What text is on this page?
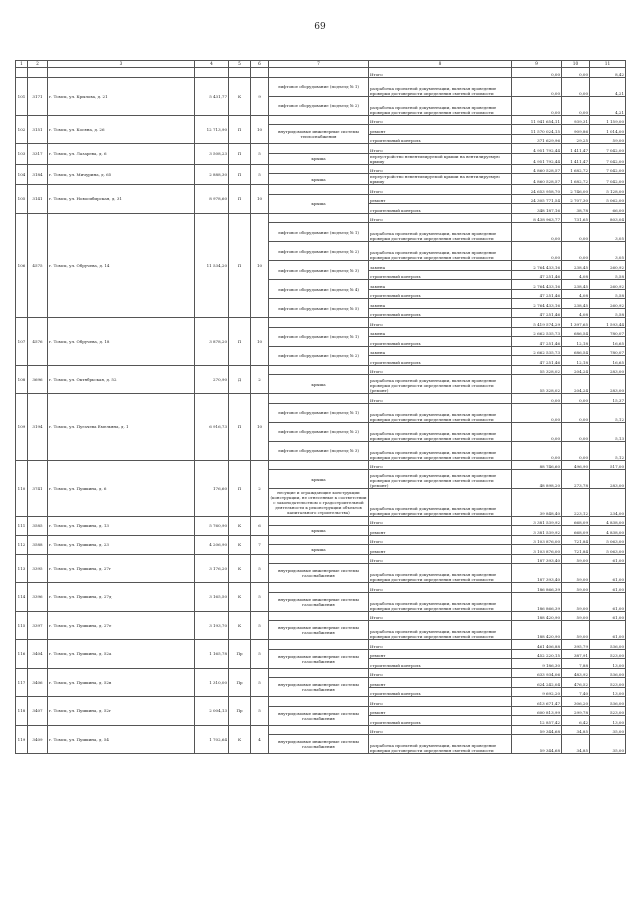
69
1	2	3	4	5	6	7	8	9	10	11
							Итого	0,00	0,00	8,42
101	3171	г. Томск, ул. Крылова, д. 21	5 431,77	К	9	лифтовое оборудование (подъезд № 1)	разработка проектной документации, включая проведение проверки достоверности определения сметной стоимости	0,00	0,00	4,21
						лифтовое оборудование (подъезд № 2)	разработка проектной документации, включая проведение проверки достоверности определения сметной стоимости	0,00	0,00	4,21
102	3151	г. Томск, ул. Косяна, д. 26	12 713,90	П	10		Итого	11 941 654,11	939,31	1 159,00
						внутридомовые инженерные системы теплоснабжения	ремонт	11 570 024,15	909,86	1 014,00
							строительный контроль	371 629,96	29,25	59,00
103	3317	г. Томск, ул. Лазарева, д. 6	3 508,23	П	5		Итого	4 951 792,44	1 411,47	7 042,00
						крыша	переустройство невентилируемой крыши на вентилируемую крышу	4 951 792,44	1 411,47	7 042,00
104	3184	г. Томск, ул. Мичурина, д. 65	2 888,30	П	5		Итого	4 860 528,57	1 682,72	7 042,00
						крыша	переустройство невентилируемой крыши на вентилируемую крышу	4 860 528,57	1 682,72	7 042,00
105	3141	г. Томск, ул. Новосибирская, д. 31	8 978,60	П	10		Итого	24 653 958,70	2 746,00	5 128,00
						крыша	ремонт	24 305 771,54	2 707,30	5 062,00
							строительный контроль	348 187,16	38,78	66,00
106	4575	г. Томск, ул. Обручева, д. 14	11 534,20	П	10		Итого	8 438 963,77	731,65	803,04
						лифтовое оборудование (подъезд № 1)	разработка проектной документации, включая проведение проверки достоверности определения сметной стоимости	0,00	0,00	3,05
						лифтовое оборудование (подъезд № 2)	разработка проектной документации, включая проведение проверки достоверности определения сметной стоимости	0,00	0,00	3,05
						лифтовое оборудование (подъезд № 3)	замена	2 764 433,16	238,45	260,92
							строительный контроль	47 251,46	4,08	5,58
						лифтовое оборудование (подъезд № 4)	замена	2 764 433,16	238,45	260,92
							строительный контроль	47 251,46	4,08	5,58
						лифтовое оборудование (подъезд № 5)	замена	2 764 433,16	238,45	260,92
							строительный контроль	47 251,46	4,08	5,58
107	4576	г. Томск, ул. Обручева, д. 18	3 878,20	П	10		Итого	5 419 574,29	1 397,65	1 593,44
						лифтовое оборудование (подъезд № 1)	замена	2 662 535,73	686,54	780,07
							строительный контроль	47 251,46	12,18	16,65
						лифтовое оборудование (подъезд № 2)	замена	2 662 535,73	686,54	780,07
							строительный контроль	47 251,46	12,18	16,65
108	3696	г. Томск, ул. Октябрьская, д. 52	270,90	Д	2		Итого	55 328,02	204,24	283,00
						крыша	разработка проектной документации, включая проведение проверки достоверности определения сметной стоимости (ремонт)	55 328,02	204,24	283,00
109	3194	г. Томск, ул. Пугачева Емельяна, д. 1	6 916,73	П	10		Итого	0,00	0,00	15,37
						лифтовое оборудование (подъезд № 1)	разработка проектной документации, включая проведение проверки достоверности определения сметной стоимости	0,00	0,00	5,12
						лифтовое оборудование (подъезд № 2)	разработка проектной документации, включая проведение проверки достоверности определения сметной стоимости	0,00	0,00	5,13
						лифтовое оборудование (подъезд № 3)	разработка проектной документации, включая проведение проверки достоверности определения сметной стоимости	0,00	0,00	5,12
110	3741	г. Томск, ул. Пушкина, д. 6	176,60	П	2		Итого	88 746,60	496,90	517,00
						крыша	разработка проектной документации, включая проведение проверки достоверности определения сметной стоимости (ремонт)	48 898,20	273,78	283,00
						несущие и ограждающие конструкции (конструкции, не отнесенные к соответствии с законодательством о градостроительной деятельности к реконструкции объектов капитального строительства)	разработка проектной документации, включая проведение проверки достоверности определения сметной стоимости	39 848,40	223,12	234,00
111	3585	г. Томск, ул. Пушкина, д. 13	5 760,90	К	6		Итого	3 381 539,92	668,09	4 838,00
						крыша	ремонт	3 381 539,92	668,09	4 838,00
112	3588	г. Томск, ул. Пушкина, д. 23	4 206,90	К	7		Итого	3 103 876,00	721,84	5 063,00
						крыша	ремонт	3 103 876,00	721,84	5 063,00
113	3395	г. Томск, ул. Пушкина, д. 27г	3 176,20	К	5		Итого	187 393,40	59,00	61,00
						внутридомовые инженерные системы газоснабжения	разработка проектной документации, включая проведение проверки достоверности определения сметной стоимости	187 393,40	59,00	61,00
114	3396	г. Томск, ул. Пушкина, д. 27д	3 165,50	К	5		Итого	186 866,39	59,00	61,00
						внутридомовые инженерные системы газоснабжения	разработка проектной документации, включая проведение проверки достоверности определения сметной стоимости	186 866,39	59,00	61,00
115	3397	г. Томск, ул. Пушкина, д. 27е	3 193,70	К	5		Итого	188 420,90	59,00	61,00
						внутридомовые инженерные системы газоснабжения	разработка проектной документации, включая проведение проверки достоверности определения сметной стоимости	188 420,90	59,00	61,00
116	3404	г. Томск, ул. Пушкина, д. 52а	1 165,78	Пр	5		Итого	461 406,88	395,79	536,00
						внутридомовые инженерные системы газоснабжения	ремонт	452 220,15	387,91	523,00
							строительный контроль	9 186,30	7,88	13,00
117	3406	г. Томск, ул. Пушкина, д. 52в	1 310,00	Пр	5		Итого	633 934,06	483,92	536,00
						внутридомовые инженерные системы газоснабжения	ремонт	624 242,04	476,52	523,00
							строительный контроль	9 692,20	7,40	13,00
118	3407	г. Томск, ул. Пушкина, д. 52г	2 004,13	Пр	5		Итого	613 671,47	306,20	536,00
						внутридомовые инженерные системы газоснабжения	ремонт	600 813,99	299,78	523,00
							строительный контроль	12 857,42	6,42	13,00
119	3409	г. Томск, ул. Пушкина, д. 54	1 702,64	К	4		Итого	59 344,68	34,85	35,00
						внутридомовые инженерные системы газоснабжения	разработка проектной документации, включая проведение проверки достоверности определения сметной стоимости	59 344,68	34,85	35,00
